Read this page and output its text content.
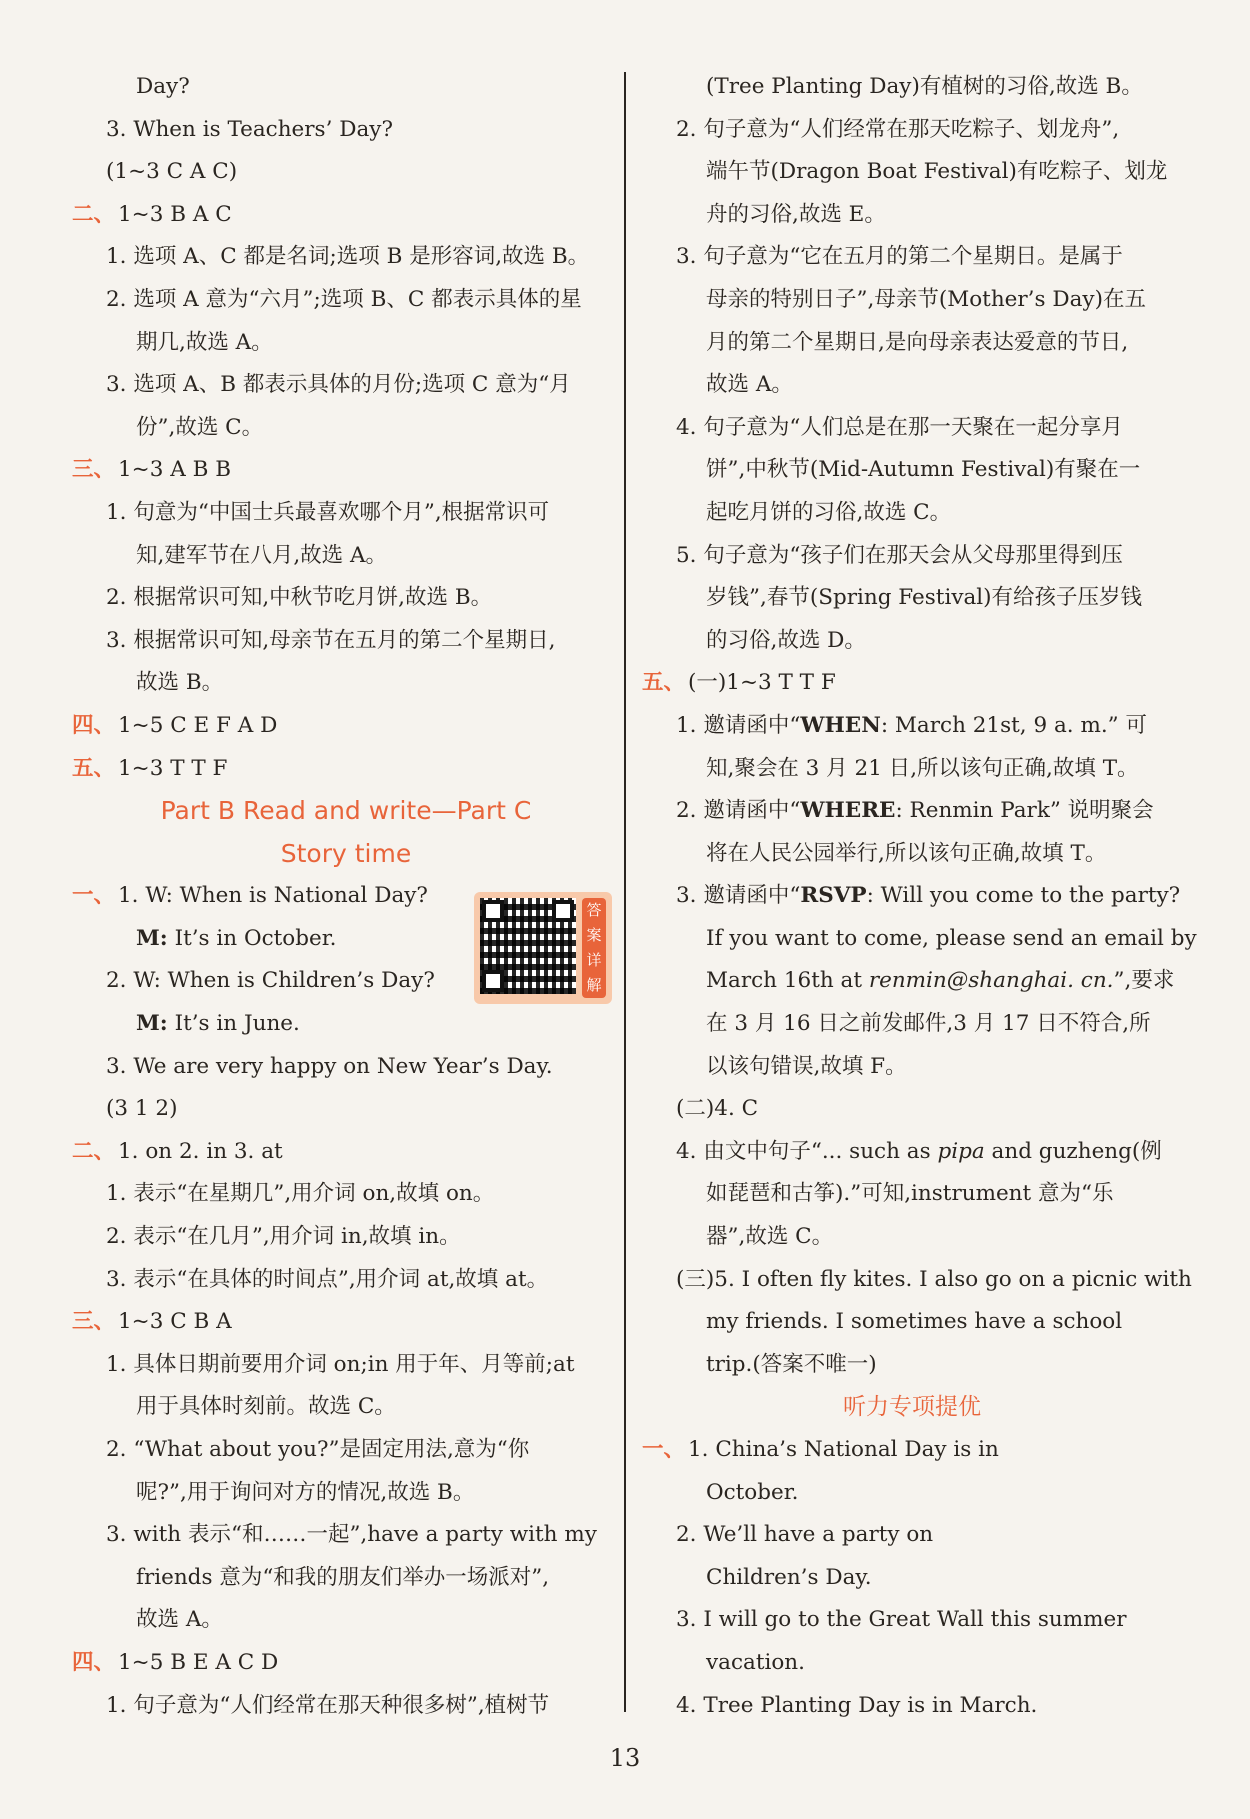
Day?
3. When is Teachers’ Day?
(1~3 C A C)
二、 1~3 B A C
1. 选项 A、C 都是名词;选项 B 是形容词,故选 B。
2. 选项 A 意为“六月”;选项 B、C 都表示具体的星
期几,故选 A。
3. 选项 A、B 都表示具体的月份;选项 C 意为“月
份”,故选 C。
三、 1~3 A B B
1. 句意为“中国士兵最喜欢哪个月”,根据常识可
知,建军节在八月,故选 A。
2. 根据常识可知,中秋节吃月饼,故选 B。
3. 根据常识可知,母亲节在五月的第二个星期日,
故选 B。
四、 1~5 C E F A D
五、 1~3 T T F
Part B Read and write—Part C
Story time
一、 1. W: When is National Day?
M: It’s in October.
2. W: When is Children’s Day?
M: It’s in June.
3. We are very happy on New Year’s Day.
(3 1 2)
二、 1. on 2. in 3. at
1. 表示“在星期几”,用介词 on,故填 on。
2. 表示“在几月”,用介词 in,故填 in。
3. 表示“在具体的时间点”,用介词 at,故填 at。
三、 1~3 C B A
1. 具体日期前要用介词 on;in 用于年、月等前;at
用于具体时刻前。故选 C。
2. “What about you?”是固定用法,意为“你
呢?”,用于询问对方的情况,故选 B。
3. with 表示“和……一起”,have a party with my
friends 意为“和我的朋友们举办一场派对”,
故选 A。
四、 1~5 B E A C D
1. 句子意为“人们经常在那天种很多树”,植树节
(Tree Planting Day)有植树的习俗,故选 B。
2. 句子意为“人们经常在那天吃粽子、划龙舟”,
端午节(Dragon Boat Festival)有吃粽子、划龙
舟的习俗,故选 E。
3. 句子意为“它在五月的第二个星期日。是属于
母亲的特别日子”,母亲节(Mother’s Day)在五
月的第二个星期日,是向母亲表达爱意的节日,
故选 A。
4. 句子意为“人们总是在那一天聚在一起分享月
饼”,中秋节(Mid-Autumn Festival)有聚在一
起吃月饼的习俗,故选 C。
5. 句子意为“孩子们在那天会从父母那里得到压
岁钱”,春节(Spring Festival)有给孩子压岁钱
的习俗,故选 D。
五、 (一)1~3 T T F
1. 邀请函中“WHEN: March 21st, 9 a. m.” 可
知,聚会在 3 月 21 日,所以该句正确,故填 T。
2. 邀请函中“WHERE: Renmin Park” 说明聚会
将在人民公园举行,所以该句正确,故填 T。
3. 邀请函中“RSVP: Will you come to the party?
If you want to come, please send an email by
March 16th at renmin@shanghai. cn.”,要求
在 3 月 16 日之前发邮件,3 月 17 日不符合,所
以该句错误,故填 F。
(二)4. C
4. 由文中句子“... such as pipa and guzheng(例
如琵琶和古筝).”可知,instrument 意为“乐
器”,故选 C。
(三)5. I often fly kites. I also go on a picnic with
my friends. I sometimes have a school
trip.(答案不唯一)
听力专项提优
一、 1. China’s National Day is in
October.
2. We’ll have a party on
Children’s Day.
3. I will go to the Great Wall this summer
vacation.
4. Tree Planting Day is in March.
答案详解
13
